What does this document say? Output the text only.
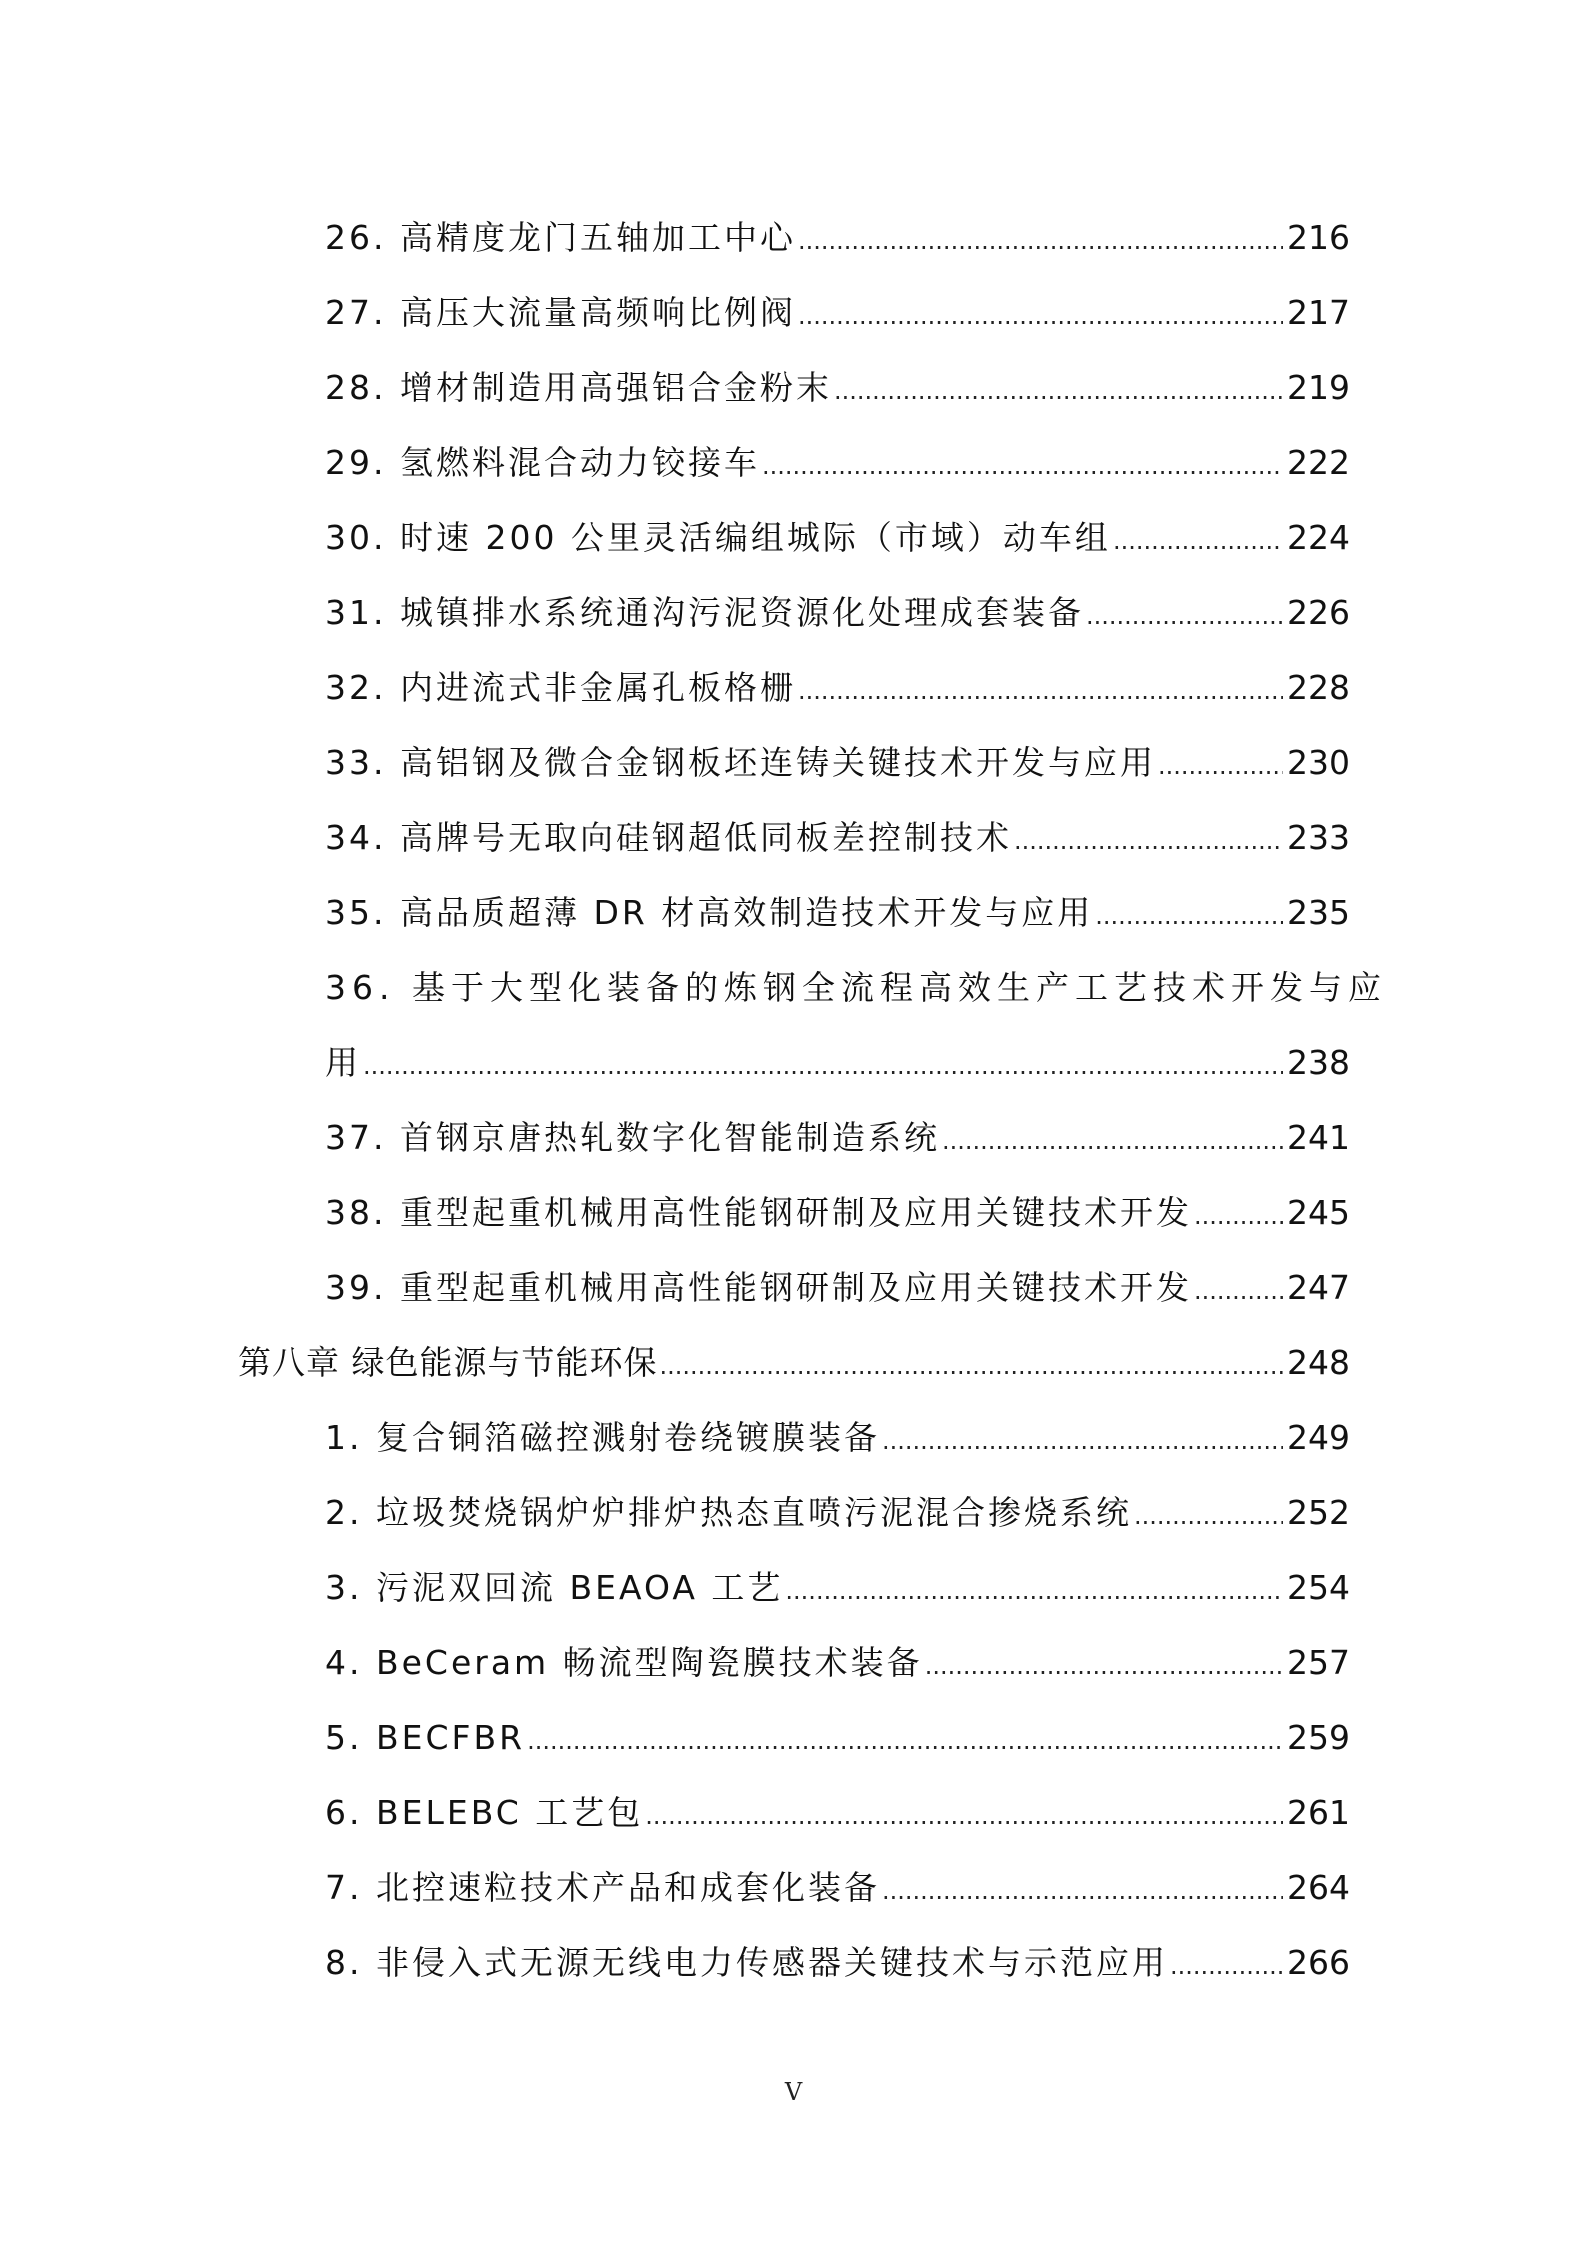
26. 高精度龙门五轴加工中心 .....	216
27. 高压大流量高频响比例阀 .....	217
28. 增材制造用高强铝合金粉末 .....	219
29. 氢燃料混合动力铰接车 .....	222
30. 时速 200 公里灵活编组城际（市域）动车组 .....	224
31. 城镇排水系统通沟污泥资源化处理成套装备 .....	226
32. 内进流式非金属孔板格栅 .....	228
33. 高铝钢及微合金钢板坯连铸关键技术开发与应用 .....	230
34. 高牌号无取向硅钢超低同板差控制技术 .....	233
35. 高品质超薄 DR 材高效制造技术开发与应用 .....	235
36. 基于大型化装备的炼钢全流程高效生产工艺技术开发与应
用 .....	238
37. 首钢京唐热轧数字化智能制造系统 .....	241
38. 重型起重机械用高性能钢研制及应用关键技术开发 .....	245
39. 重型起重机械用高性能钢研制及应用关键技术开发 .....	247
第八章 绿色能源与节能环保 .....	248
1. 复合铜箔磁控溅射卷绕镀膜装备 .....	249
2. 垃圾焚烧锅炉炉排炉热态直喷污泥混合掺烧系统 .....	252
3. 污泥双回流 BEAOA 工艺 .....	254
4. BeCeram 畅流型陶瓷膜技术装备 .....	257
5. BECFBR .....	259
6. BELEBC 工艺包 .....	261
7. 北控速粒技术产品和成套化装备 .....	264
8. 非侵入式无源无线电力传感器关键技术与示范应用 .....	266
V
